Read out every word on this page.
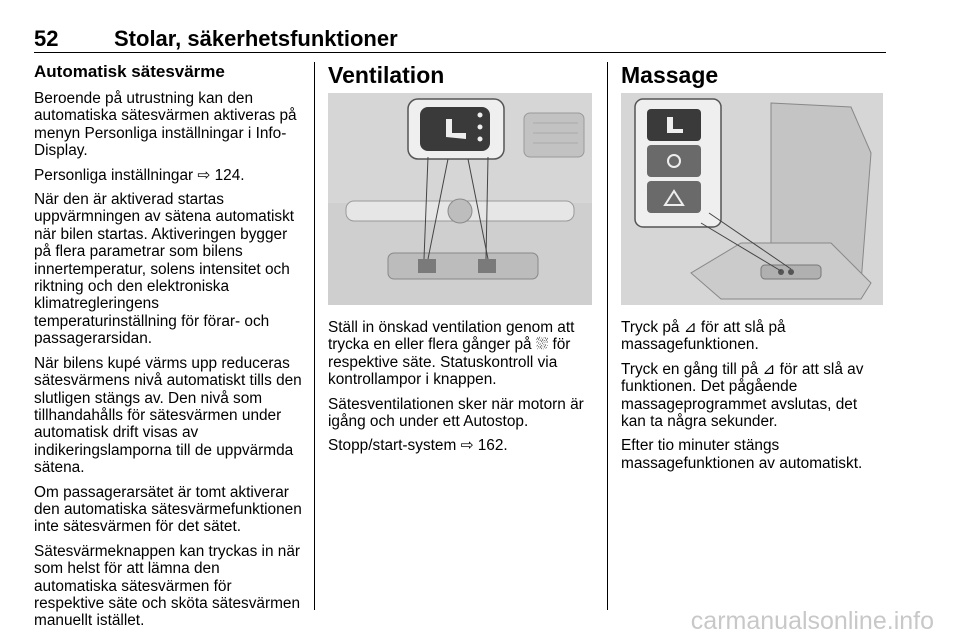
52	Stolar, säkerhetsfunktioner
Automatisk sätesvärme

Beroende på utrustning kan den automatiska sätesvärmen aktiveras på menyn Personliga inställningar i Info-Display.

Personliga inställningar ⇨ 124.

När den är aktiverad startas uppvärmningen av sätena automatiskt när bilen startas. Aktiveringen bygger på flera parametrar som bilens innertemperatur, solens intensitet och riktning och den elektroniska klimatregleringens temperaturinställning för förar- och passagerarsidan.

När bilens kupé värms upp reduceras sätesvärmens nivå automatiskt tills den slutligen stängs av. Den nivå som tillhandahålls för sätesvärmen under automatisk drift visas av indikeringslamporna till de uppvärmda sätena.

Om passagerarsätet är tomt aktiverar den automatiska sätesvärmefunktionen inte sätesvärmen för det sätet.

Sätesvärmeknappen kan tryckas in när som helst för att lämna den automatiska sätesvärmen för respektive säte och sköta sätesvärmen manuellt istället.

Ventilation

Ställ in önskad ventilation genom att trycka en eller flera gånger på ⛆ för respektive säte. Statuskontroll via kontrollampor i knappen.

Sätesventilationen sker när motorn är igång och under ett Autostop.

Stopp/start-system ⇨ 162.

Massage

Tryck på ⊿ för att slå på massagefunktionen.

Tryck en gång till på ⊿ för att slå av funktionen. Det pågående massageprogrammet avslutas, det kan ta några sekunder.

Efter tio minuter stängs massagefunktionen av automatiskt.

carmanualsonline.info
